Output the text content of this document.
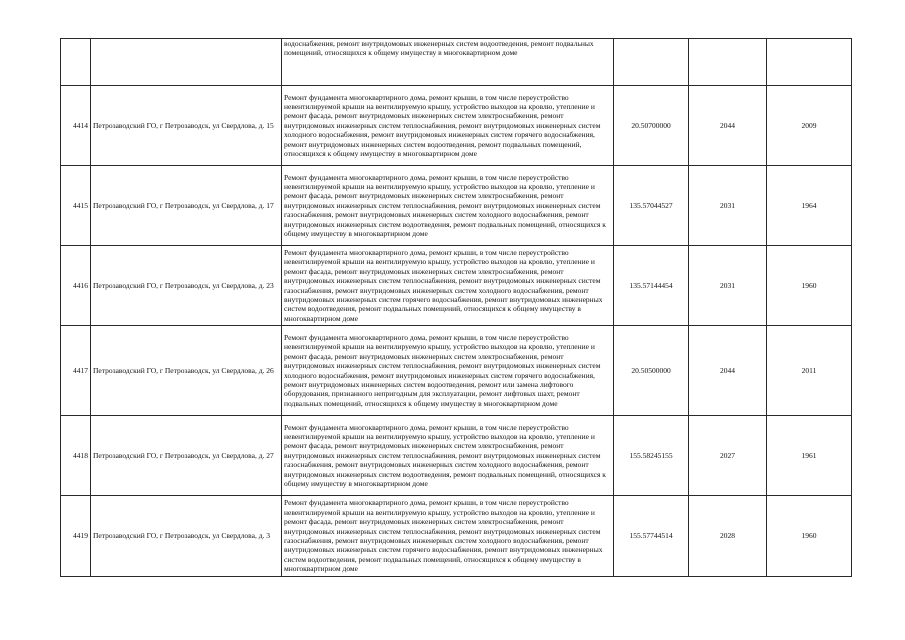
		водоснабжения, ремонт внутридомовых инженерных систем водоотведения, ремонт подвальных помещений, относящихся к общему имуществу в многоквартирном доме			
4414	Петрозаводский ГО, г Петрозаводск, ул Свердлова, д. 15	Ремонт фундамента многоквартирного дома, ремонт крыши, в том числе переустройство невентилируемой крыши на вентилируемую крышу, устройство выходов на кровлю, утепление и ремонт фасада, ремонт внутридомовых инженерных систем электроснабжения, ремонт внутридомовых инженерных систем теплоснабжения, ремонт внутридомовых инженерных систем холодного водоснабжения, ремонт внутридомовых инженерных систем горячего водоснабжения, ремонт внутридомовых инженерных систем водоотведения, ремонт подвальных помещений, относящихся к общему имуществу в многоквартирном доме	20.50700000	2044	2009
4415	Петрозаводский ГО, г Петрозаводск, ул Свердлова, д. 17	Ремонт фундамента многоквартирного дома, ремонт крыши, в том числе переустройство невентилируемой крыши на вентилируемую крышу, устройство выходов на кровлю, утепление и ремонт фасада, ремонт внутридомовых инженерных систем электроснабжения, ремонт внутридомовых инженерных систем теплоснабжения, ремонт внутридомовых инженерных систем газоснабжения, ремонт внутридомовых инженерных систем холодного водоснабжения, ремонт внутридомовых инженерных систем водоотведения, ремонт подвальных помещений, относящихся к общему имуществу в многоквартирном доме	135.57044527	2031	1964
4416	Петрозаводский ГО, г Петрозаводск, ул Свердлова, д. 23	Ремонт фундамента многоквартирного дома, ремонт крыши, в том числе переустройство невентилируемой крыши на вентилируемую крышу, устройство выходов на кровлю, утепление и ремонт фасада, ремонт внутридомовых инженерных систем электроснабжения, ремонт внутридомовых инженерных систем теплоснабжения, ремонт внутридомовых инженерных систем газоснабжения, ремонт внутридомовых инженерных систем холодного водоснабжения, ремонт внутридомовых инженерных систем горячего водоснабжения, ремонт внутридомовых инженерных систем водоотведения, ремонт подвальных помещений, относящихся к общему имуществу в многоквартирном доме	135.57144454	2031	1960
4417	Петрозаводский ГО, г Петрозаводск, ул Свердлова, д. 26	Ремонт фундамента многоквартирного дома, ремонт крыши, в том числе переустройство невентилируемой крыши на вентилируемую крышу, устройство выходов на кровлю, утепление и ремонт фасада, ремонт внутридомовых инженерных систем электроснабжения, ремонт внутридомовых инженерных систем теплоснабжения, ремонт внутридомовых инженерных систем холодного водоснабжения, ремонт внутридомовых инженерных систем горячего водоснабжения, ремонт внутридомовых инженерных систем водоотведения, ремонт или замена лифтового оборудования, признанного непригодным для эксплуатации, ремонт лифтовых шахт, ремонт подвальных помещений, относящихся к общему имуществу в многоквартирном доме	20.50500000	2044	2011
4418	Петрозаводский ГО, г Петрозаводск, ул Свердлова, д. 27	Ремонт фундамента многоквартирного дома, ремонт крыши, в том числе переустройство невентилируемой крыши на вентилируемую крышу, устройство выходов на кровлю, утепление и ремонт фасада, ремонт внутридомовых инженерных систем электроснабжения, ремонт внутридомовых инженерных систем теплоснабжения, ремонт внутридомовых инженерных систем газоснабжения, ремонт внутридомовых инженерных систем холодного водоснабжения, ремонт внутридомовых инженерных систем водоотведения, ремонт подвальных помещений, относящихся к общему имуществу в многоквартирном доме	155.58245155	2027	1961
4419	Петрозаводский ГО, г Петрозаводск, ул Свердлова, д. 3	Ремонт фундамента многоквартирного дома, ремонт крыши, в том числе переустройство невентилируемой крыши на вентилируемую крышу, устройство выходов на кровлю, утепление и ремонт фасада, ремонт внутридомовых инженерных систем электроснабжения, ремонт внутридомовых инженерных систем теплоснабжения, ремонт внутридомовых инженерных систем газоснабжения, ремонт внутридомовых инженерных систем холодного водоснабжения, ремонт внутридомовых инженерных систем горячего водоснабжения, ремонт внутридомовых инженерных систем водоотведения, ремонт подвальных помещений, относящихся к общему имуществу в многоквартирном доме	155.57744514	2028	1960
